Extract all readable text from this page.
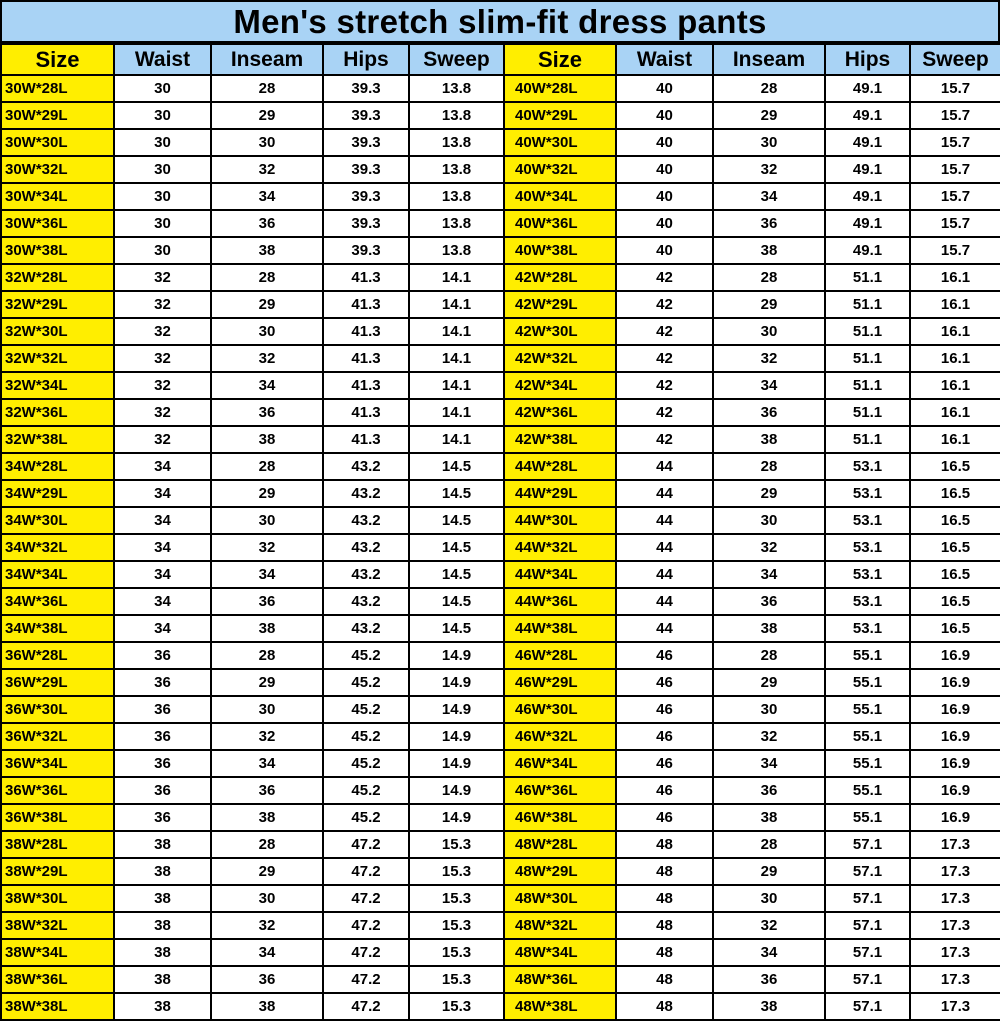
Men's stretch slim-fit dress pants
Size	Waist	Inseam	Hips	Sweep	Size	Waist	Inseam	Hips	Sweep
30W*28L	30	28	39.3	13.8	40W*28L	40	28	49.1	15.7
30W*29L	30	29	39.3	13.8	40W*29L	40	29	49.1	15.7
30W*30L	30	30	39.3	13.8	40W*30L	40	30	49.1	15.7
30W*32L	30	32	39.3	13.8	40W*32L	40	32	49.1	15.7
30W*34L	30	34	39.3	13.8	40W*34L	40	34	49.1	15.7
30W*36L	30	36	39.3	13.8	40W*36L	40	36	49.1	15.7
30W*38L	30	38	39.3	13.8	40W*38L	40	38	49.1	15.7
32W*28L	32	28	41.3	14.1	42W*28L	42	28	51.1	16.1
32W*29L	32	29	41.3	14.1	42W*29L	42	29	51.1	16.1
32W*30L	32	30	41.3	14.1	42W*30L	42	30	51.1	16.1
32W*32L	32	32	41.3	14.1	42W*32L	42	32	51.1	16.1
32W*34L	32	34	41.3	14.1	42W*34L	42	34	51.1	16.1
32W*36L	32	36	41.3	14.1	42W*36L	42	36	51.1	16.1
32W*38L	32	38	41.3	14.1	42W*38L	42	38	51.1	16.1
34W*28L	34	28	43.2	14.5	44W*28L	44	28	53.1	16.5
34W*29L	34	29	43.2	14.5	44W*29L	44	29	53.1	16.5
34W*30L	34	30	43.2	14.5	44W*30L	44	30	53.1	16.5
34W*32L	34	32	43.2	14.5	44W*32L	44	32	53.1	16.5
34W*34L	34	34	43.2	14.5	44W*34L	44	34	53.1	16.5
34W*36L	34	36	43.2	14.5	44W*36L	44	36	53.1	16.5
34W*38L	34	38	43.2	14.5	44W*38L	44	38	53.1	16.5
36W*28L	36	28	45.2	14.9	46W*28L	46	28	55.1	16.9
36W*29L	36	29	45.2	14.9	46W*29L	46	29	55.1	16.9
36W*30L	36	30	45.2	14.9	46W*30L	46	30	55.1	16.9
36W*32L	36	32	45.2	14.9	46W*32L	46	32	55.1	16.9
36W*34L	36	34	45.2	14.9	46W*34L	46	34	55.1	16.9
36W*36L	36	36	45.2	14.9	46W*36L	46	36	55.1	16.9
36W*38L	36	38	45.2	14.9	46W*38L	46	38	55.1	16.9
38W*28L	38	28	47.2	15.3	48W*28L	48	28	57.1	17.3
38W*29L	38	29	47.2	15.3	48W*29L	48	29	57.1	17.3
38W*30L	38	30	47.2	15.3	48W*30L	48	30	57.1	17.3
38W*32L	38	32	47.2	15.3	48W*32L	48	32	57.1	17.3
38W*34L	38	34	47.2	15.3	48W*34L	48	34	57.1	17.3
38W*36L	38	36	47.2	15.3	48W*36L	48	36	57.1	17.3
38W*38L	38	38	47.2	15.3	48W*38L	48	38	57.1	17.3
